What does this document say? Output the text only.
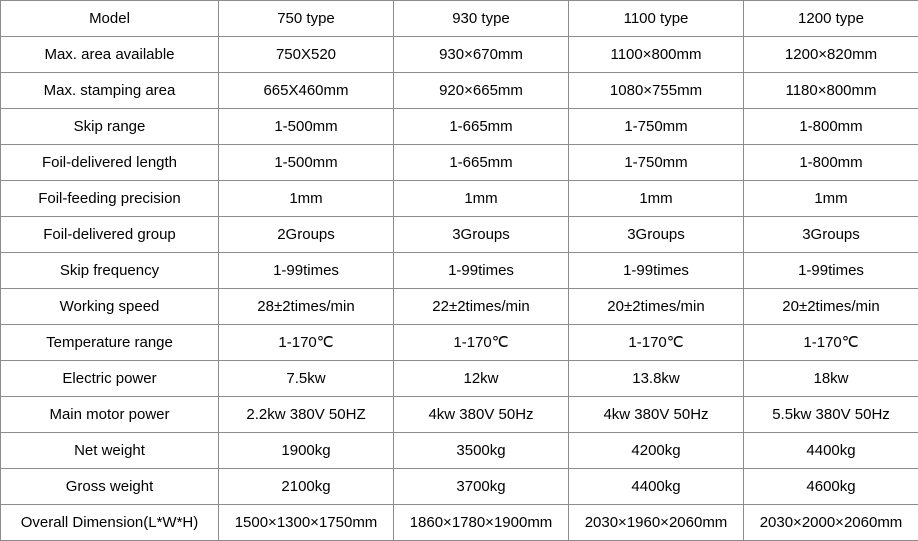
Model	750 type	930 type	1100 type	1200 type
Max. area available	750X520	930×670mm	1100×800mm	1200×820mm
Max. stamping area	665X460mm	920×665mm	1080×755mm	1180×800mm
Skip range	1-500mm	1-665mm	1-750mm	1-800mm
Foil-delivered length	1-500mm	1-665mm	1-750mm	1-800mm
Foil-feeding precision	1mm	1mm	1mm	1mm
Foil-delivered group	2Groups	3Groups	3Groups	3Groups
Skip frequency	1-99times	1-99times	1-99times	1-99times
Working speed	28±2times/min	22±2times/min	20±2times/min	20±2times/min
Temperature range	1-170℃	1-170℃	1-170℃	1-170℃
Electric power	7.5kw	12kw	13.8kw	18kw
Main motor power	2.2kw 380V 50HZ	4kw 380V 50Hz	4kw 380V 50Hz	5.5kw 380V 50Hz
Net weight	1900kg	3500kg	4200kg	4400kg
Gross weight	2100kg	3700kg	4400kg	4600kg
Overall Dimension(L*W*H)	1500×1300×1750mm	1860×1780×1900mm	2030×1960×2060mm	2030×2000×2060mm
